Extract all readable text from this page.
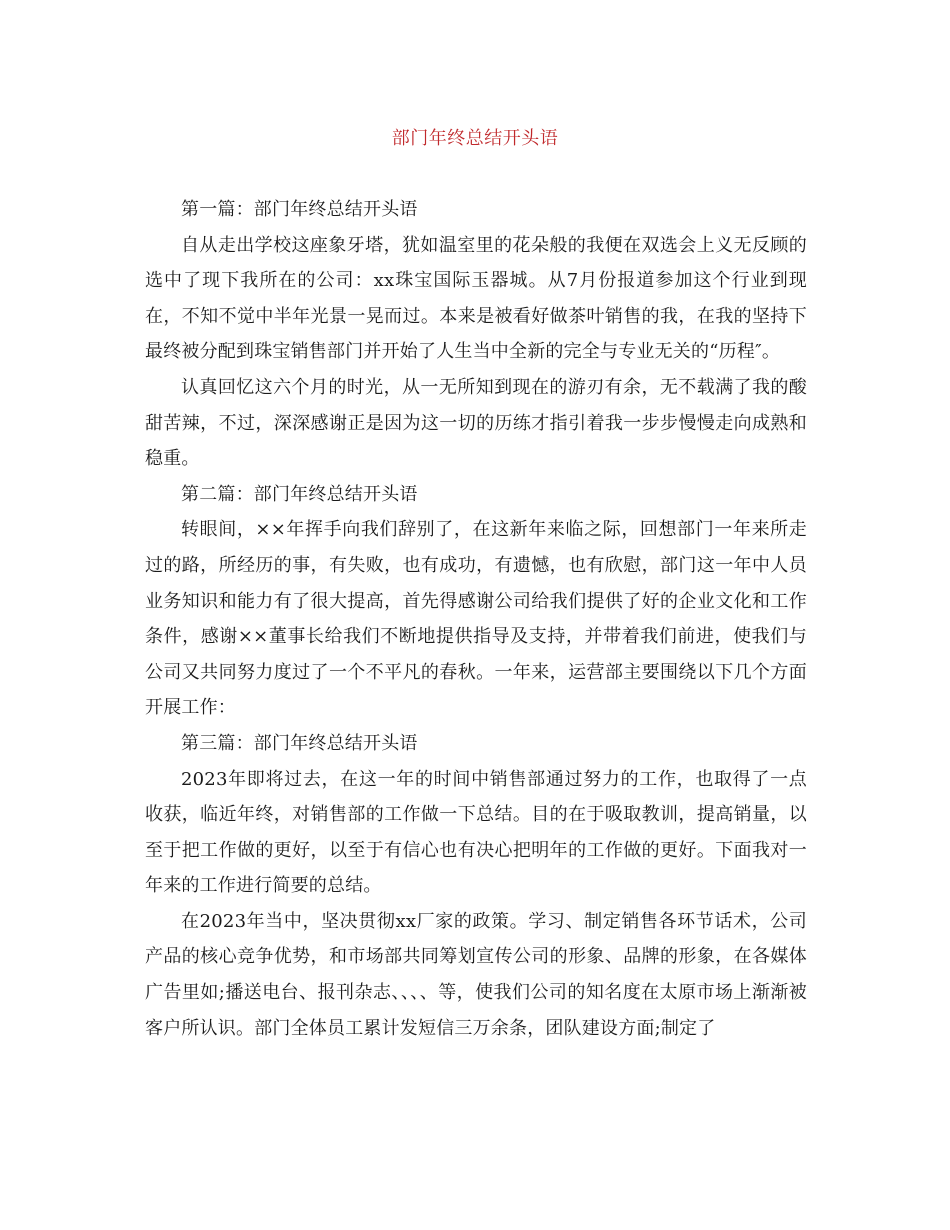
部门年终总结开头语

第一篇：部门年终总结开头语

自从走出学校这座象牙塔，犹如温室里的花朵般的我便在双选会上义无反顾的选中了现下我所在的公司：xx珠宝国际玉器城。从7月份报道参加这个行业到现在，不知不觉中半年光景一晃而过。本来是被看好做茶叶销售的我，在我的坚持下最终被分配到珠宝销售部门并开始了人生当中全新的完全与专业无关的“历程″。

认真回忆这六个月的时光，从一无所知到现在的游刃有余，无不载满了我的酸甜苦辣，不过，深深感谢正是因为这一切的历练才指引着我一步步慢慢走向成熟和稳重。

第二篇：部门年终总结开头语

转眼间，××年挥手向我们辞别了，在这新年来临之际，回想部门一年来所走过的路，所经历的事，有失败，也有成功，有遗憾，也有欣慰，部门这一年中人员业务知识和能力有了很大提高，首先得感谢公司给我们提供了好的企业文化和工作条件，感谢××董事长给我们不断地提供指导及支持，并带着我们前进，使我们与公司又共同努力度过了一个不平凡的春秋。一年来，运营部主要围绕以下几个方面开展工作：

第三篇：部门年终总结开头语

2023年即将过去，在这一年的时间中销售部通过努力的工作，也取得了一点收获，临近年终，对销售部的工作做一下总结。目的在于吸取教训，提高销量，以至于把工作做的更好，以至于有信心也有决心把明年的工作做的更好。下面我对一年来的工作进行简要的总结。

在2023年当中，坚决贯彻xx厂家的政策。学习、制定销售各环节话术，公司产品的核心竞争优势，和市场部共同筹划宣传公司的形象、品牌的形象，在各媒体广告里如;播送电台、报刊杂志、、、、等，使我们公司的知名度在太原市场上渐渐被客户所认识。部门全体员工累计发短信三万余条，团队建设方面;制定了
